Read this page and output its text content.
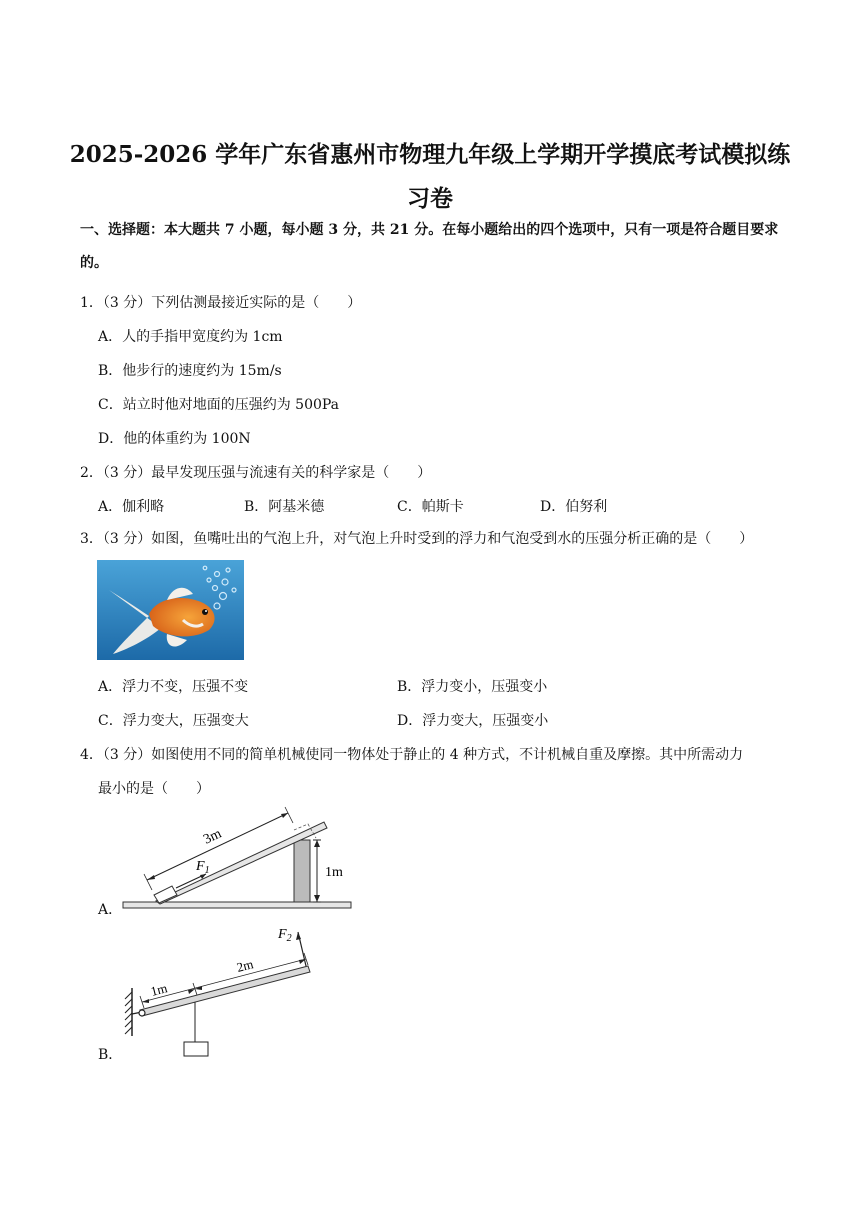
2025-2026 学年广东省惠州市物理九年级上学期开学摸底考试模拟练
习卷
一、选择题：本大题共 7 小题，每小题 3 分，共 21 分。在每小题给出的四个选项中，只有一项是符合题目要求的。
1．（3 分）下列估测最接近实际的是（　　）
A．人的手指甲宽度约为 1cm
B．他步行的速度约为 15m/s
C．站立时他对地面的压强约为 500Pa
D．他的体重约为 100N
2．（3 分）最早发现压强与流速有关的科学家是（　　）
A．伽利略	B．阿基米德	C．帕斯卡	D．伯努利
3．（3 分）如图，鱼嘴吐出的气泡上升，对气泡上升时受到的浮力和气泡受到水的压强分析正确的是（　　）
A．浮力不变，压强不变	B．浮力变小，压强变小
C．浮力变大，压强变大	D．浮力变大，压强变小
4．（3 分）如图使用不同的简单机械使同一物体处于静止的 4 种方式，不计机械自重及摩擦。其中所需动力
最小的是（　　）
A．
3m
$F_1$	1m
B．
1m
2m
$F_2$
